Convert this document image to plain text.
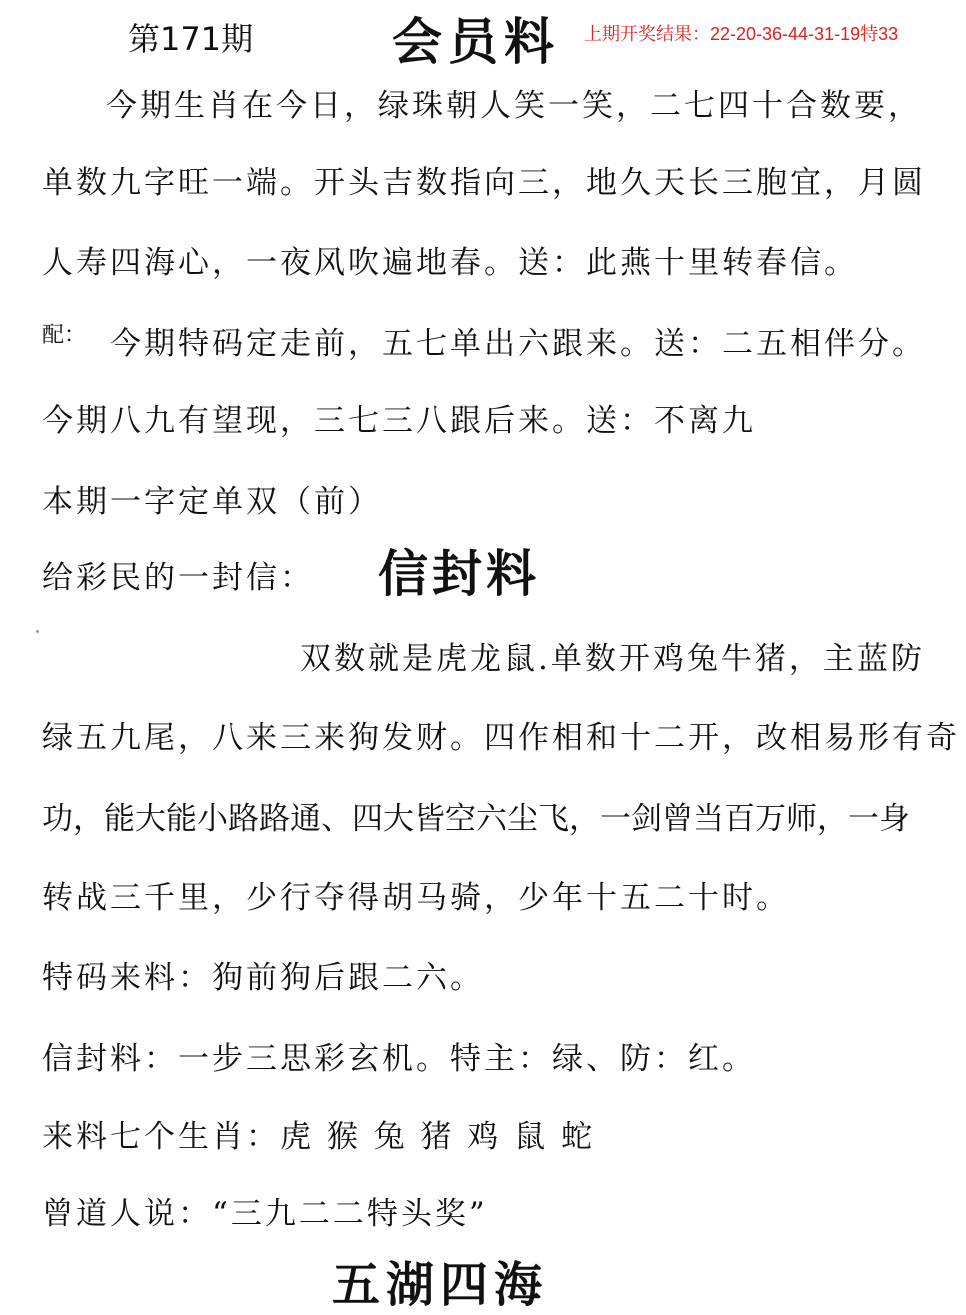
第171期	会员料 上期开奖结果：22-20-36-44-31-19特33
今期生肖在今日，绿珠朝人笑一笑，二七四十合数要，
单数九字旺一端。开头吉数指向三，地久天长三胞宜，月圆
人寿四海心，一夜风吹遍地春。送：此燕十里转春信。
配： 今期特码定走前，五七单出六跟来。送：二五相伴分。
今期八九有望现，三七三八跟后来。送：不离九
本期一字定单双（前）
给彩民的一封信： 信封料
双数就是虎龙鼠.单数开鸡兔牛猪，主蓝防
绿五九尾，八来三来狗发财。四作相和十二开，改相易形有奇
功，能大能小路路通、四大皆空六尘飞，一剑曾当百万师，一身
转战三千里，少行夺得胡马骑，少年十五二十时。
特码来料：狗前狗后跟二六。
信封料：一步三思彩玄机。特主：绿、防：红。
来料七个生肖：虎 猴 兔 猪 鸡 鼠 蛇
曾道人说：“三九二二特头奖”
五湖四海
